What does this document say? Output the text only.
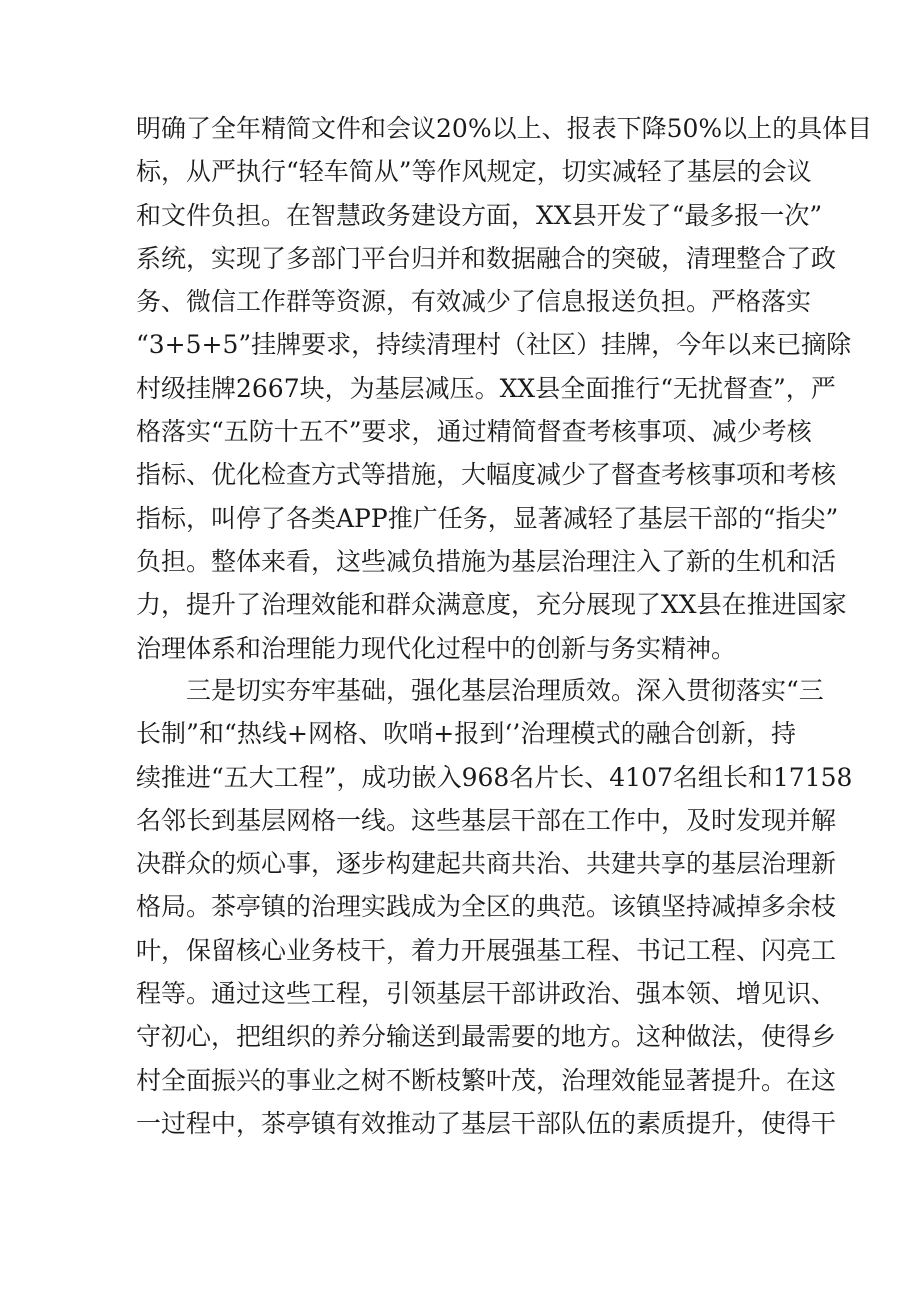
明确了全年精简文件和会议20%以上、报表下降50%以上的具体目
标，从严执行“轻车简从”等作风规定，切实减轻了基层的会议
和文件负担。在智慧政务建设方面，XX县开发了“最多报一次”
系统，实现了多部门平台归并和数据融合的突破，清理整合了政
务、微信工作群等资源，有效减少了信息报送负担。严格落实
“3+5+5”挂牌要求，持续清理村（社区）挂牌，今年以来已摘除
村级挂牌2667块，为基层减压。XX县全面推行“无扰督查”，严
格落实“五防十五不”要求，通过精简督查考核事项、减少考核
指标、优化检查方式等措施，大幅度减少了督查考核事项和考核
指标，叫停了各类APP推广任务，显著减轻了基层干部的“指尖”
负担。整体来看，这些减负措施为基层治理注入了新的生机和活
力，提升了治理效能和群众满意度，充分展现了XX县在推进国家
治理体系和治理能力现代化过程中的创新与务实精神。
三是切实夯牢基础，强化基层治理质效。深入贯彻落实“三
长制”和“热线+网格、吹哨+报到‘’治理模式的融合创新，持
续推进“五大工程”，成功嵌入968名片长、4107名组长和17158
名邻长到基层网格一线。这些基层干部在工作中，及时发现并解
决群众的烦心事，逐步构建起共商共治、共建共享的基层治理新
格局。茶亭镇的治理实践成为全区的典范。该镇坚持减掉多余枝
叶，保留核心业务枝干，着力开展强基工程、书记工程、闪亮工
程等。通过这些工程，引领基层干部讲政治、强本领、增见识、
守初心，把组织的养分输送到最需要的地方。这种做法，使得乡
村全面振兴的事业之树不断枝繁叶茂，治理效能显著提升。在这
一过程中，茶亭镇有效推动了基层干部队伍的素质提升，使得干
